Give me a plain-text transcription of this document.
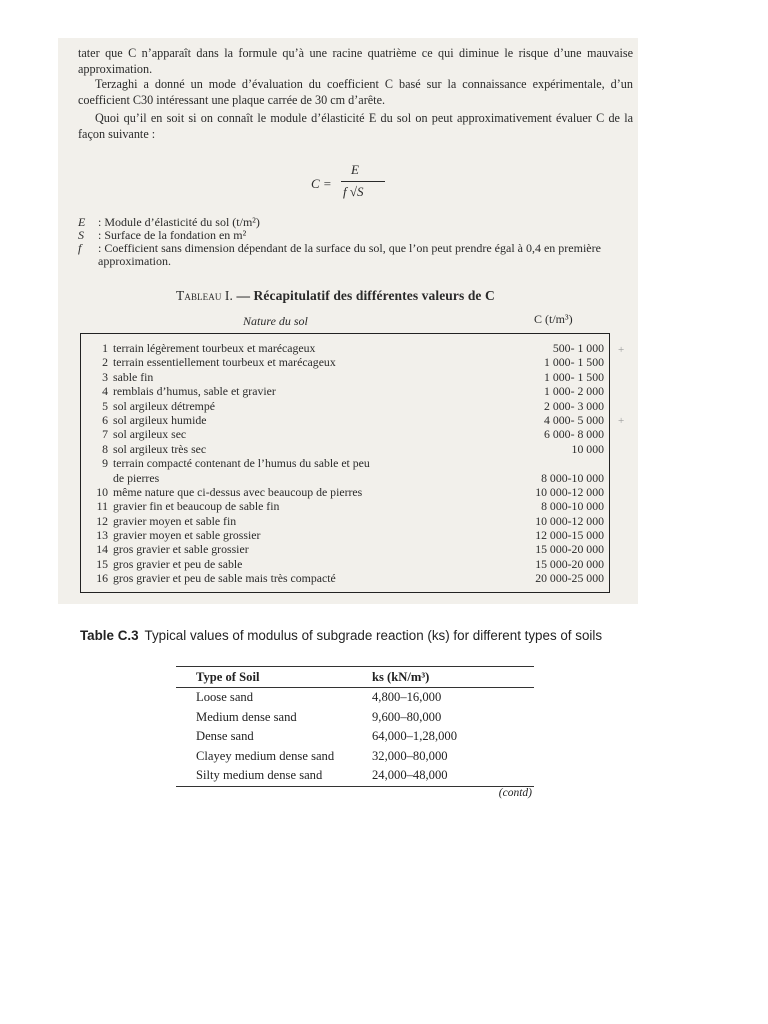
tater que C n’apparaît dans la formule qu’à une racine quatrième ce qui diminue le risque d’une mauvaise approximation.

Terzaghi a donné un mode d’évaluation du coefficient C basé sur la connaissance expérimentale, d’un coefficient C30 intéressant une plaque carrée de 30 cm d’arête.

Quoi qu’il en soit si on connaît le module d’élasticité E du sol on peut approximativement évaluer C de la façon suivante :

C =
E
f √S
E	: Module d’élasticité du sol (t/m²)
S	: Surface de la fondation en m²
f	: Coefficient sans dimension dépendant de la surface du sol, que l’on peut prendre égal à 0,4 en première approximation.
Tableau I. — Récapitulatif des différentes valeurs de C
Nature du sol	C (t/m³)
1 terrain légèrement tourbeux et marécageux	500- 1 000
2 terrain essentiellement tourbeux et marécageux	1 000- 1 500
3 sable fin	1 000- 1 500
4 remblais d’humus, sable et gravier	1 000- 2 000
5 sol argileux détrempé	2 000- 3 000
6 sol argileux humide	4 000- 5 000
7 sol argileux sec	6 000- 8 000
8 sol argileux très sec	10 000
9 terrain compacté contenant de l’humus du sable et peu
de pierres	8 000-10 000
10 même nature que ci-dessus avec beaucoup de pierres	10 000-12 000
11 gravier fin et beaucoup de sable fin	8 000-10 000
12 gravier moyen et sable fin	10 000-12 000
13 gravier moyen et sable grossier	12 000-15 000
14 gros gravier et sable grossier	15 000-20 000
15 gros gravier et peu de sable	15 000-20 000
16 gros gravier et peu de sable mais très compacté	20 000-25 000
+
+
Table C.3 Typical values of modulus of subgrade reaction (ks) for different types of soils
Type of Soil	ks (kN/m³)
Loose sand	4,800–16,000
Medium dense sand	9,600–80,000
Dense sand	64,000–1,28,000
Clayey medium dense sand	32,000–80,000
Silty medium dense sand	24,000–48,000
(contd)
